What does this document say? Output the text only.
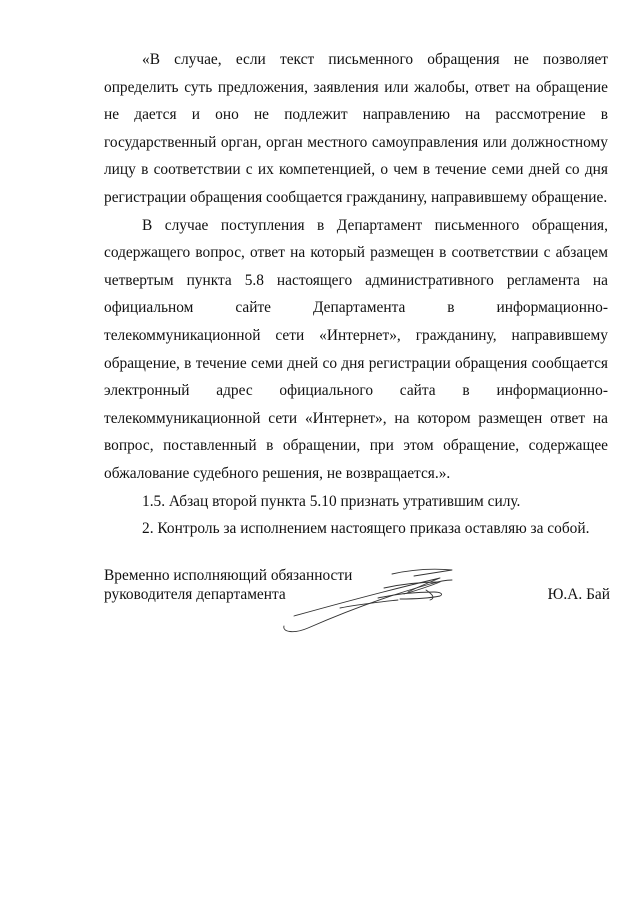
«В случае, если текст письменного обращения не позволяет определить суть предложения, заявления или жалобы, ответ на обращение не дается и оно не подлежит направлению на рассмотрение в государственный орган, орган местного самоуправления или должностному лицу в соответствии с их компетенцией, о чем в течение семи дней со дня регистрации обращения сообщается гражданину, направившему обращение.

В случае поступления в Департамент письменного обращения, содержащего вопрос, ответ на который размещен в соответствии с абзацем четвертым пункта 5.8 настоящего административного регламента на официальном сайте Департамента в информационно-телекоммуникационной сети «Интернет», гражданину, направившему обращение, в течение семи дней со дня регистрации обращения сообщается электронный адрес официального сайта в информационно-телекоммуникационной сети «Интернет», на котором размещен ответ на вопрос, поставленный в обращении, при этом обращение, содержащее обжалование судебного решения, не возвращается.».

1.5. Абзац второй пункта 5.10 признать утратившим силу.

2. Контроль за исполнением настоящего приказа оставляю за собой.

Временно исполняющий обязанности
руководителя департамента	Ю.А. Бай
